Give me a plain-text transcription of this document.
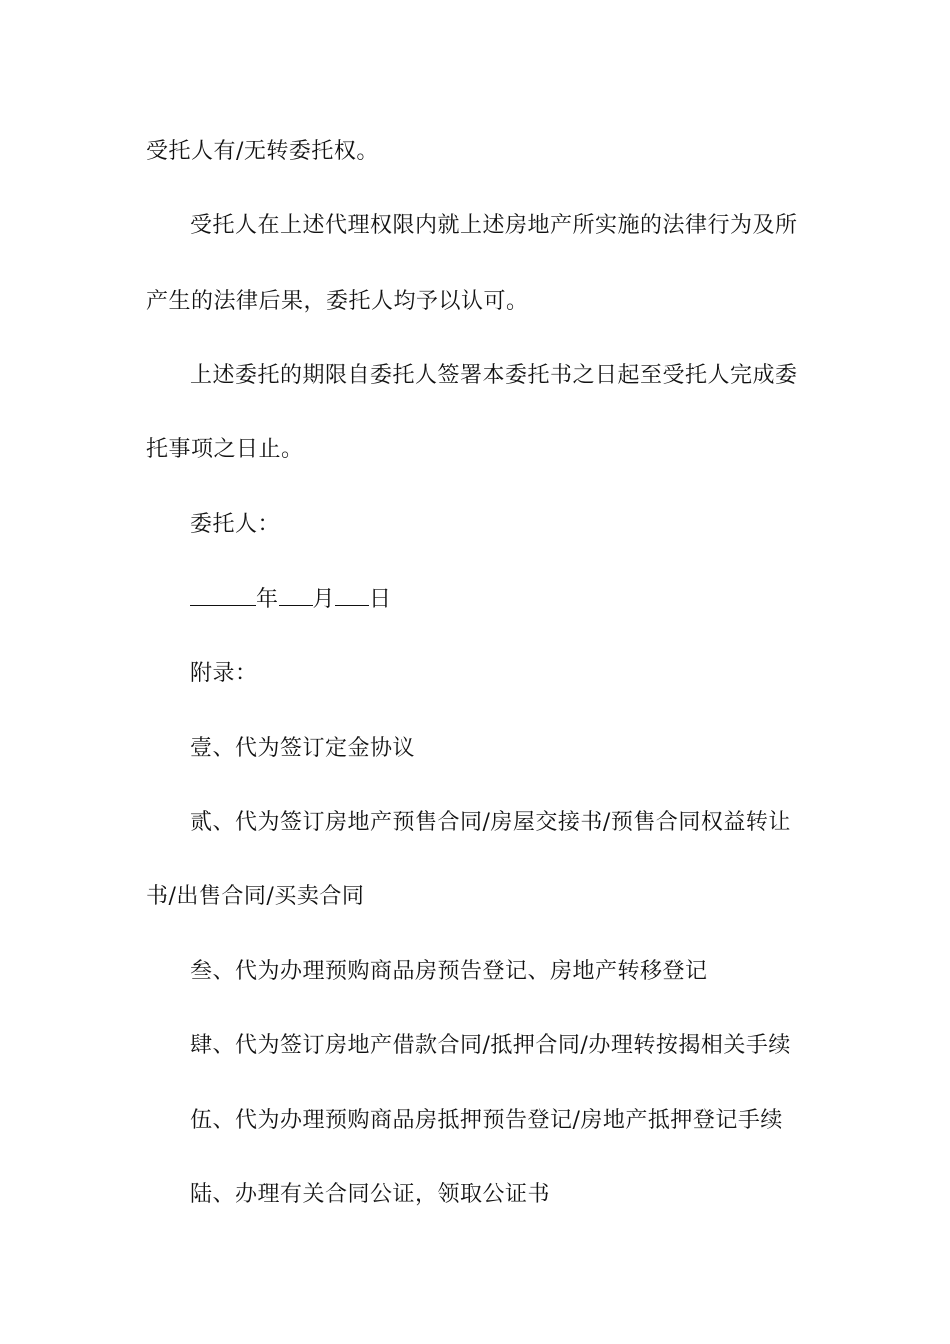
受托人有/无转委托权。
受托人在上述代理权限内就上述房地产所实施的法律行为及所
产生的法律后果，委托人均予以认可。
上述委托的期限自委托人签署本委托书之日起至受托人完成委
托事项之日止。
委托人：
年 月 日
附录：
壹、代为签订定金协议
贰、代为签订房地产预售合同/房屋交接书/预售合同权益转让
书/出售合同/买卖合同
叁、代为办理预购商品房预告登记、房地产转移登记
肆、代为签订房地产借款合同/抵押合同/办理转按揭相关手续
伍、代为办理预购商品房抵押预告登记/房地产抵押登记手续
陆、办理有关合同公证，领取公证书
